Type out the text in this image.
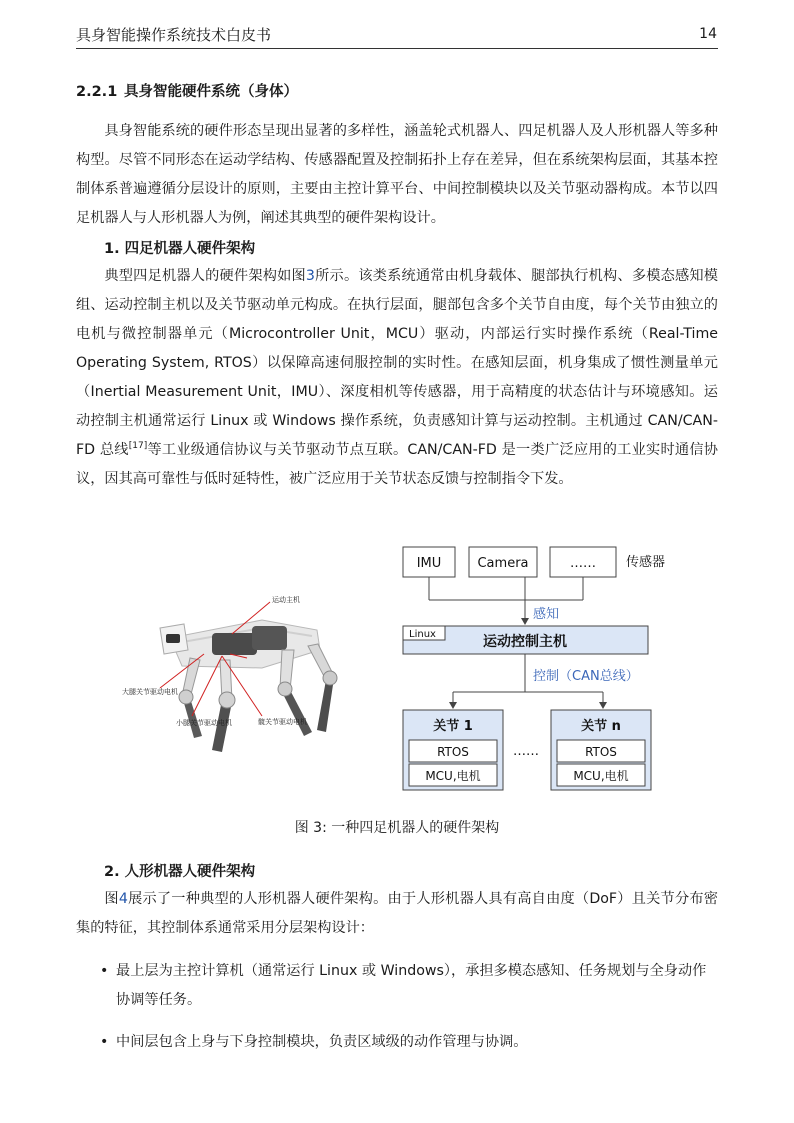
具身智能操作系统技术白皮书	14
2.2.1 具身智能硬件系统（身体）
具身智能系统的硬件形态呈现出显著的多样性，涵盖轮式机器人、四足机器人及人形机器人等多种构型。尽管不同形态在运动学结构、传感器配置及控制拓扑上存在差异，但在系统架构层面，其基本控制体系普遍遵循分层设计的原则，主要由主控计算平台、中间控制模块以及关节驱动器构成。本节以四足机器人与人形机器人为例，阐述其典型的硬件架构设计。
1. 四足机器人硬件架构
典型四足机器人的硬件架构如图3所示。该类系统通常由机身载体、腿部执行机构、多模态感知模组、运动控制主机以及关节驱动单元构成。在执行层面，腿部包含多个关节自由度，每个关节由独立的电机与微控制器单元（Microcontroller Unit，MCU）驱动，内部运行实时操作系统（Real-Time Operating System, RTOS）以保障高速伺服控制的实时性。在感知层面，机身集成了惯性测量单元（Inertial Measurement Unit，IMU）、深度相机等传感器，用于高精度的状态估计与环境感知。运动控制主机通常运行 Linux 或 Windows 操作系统，负责感知计算与运动控制。主机通过 CAN/CAN-FD 总线[17]等工业级通信协议与关节驱动节点互联。CAN/CAN-FD 是一类广泛应用的工业实时通信协议，因其高可靠性与低时延特性，被广泛应用于关节状态反馈与控制指令下发。
运动主机
大腿关节驱动电机
小腿关节驱动电机	髋关节驱动电机
IMU	Camera	…… 传感器
感知
Linux	运动控制主机
控制（CAN总线）
关节 1
RTOS
MCU,电机
……
关节 n
RTOS
MCU,电机
图 3: 一种四足机器人的硬件架构
2. 人形机器人硬件架构
图4展示了一种典型的人形机器人硬件架构。由于人形机器人具有高自由度（DoF）且关节分布密集的特征，其控制体系通常采用分层架构设计：
• 最上层为主控计算机（通常运行 Linux 或 Windows），承担多模态感知、任务规划与全身动作协调等任务。
• 中间层包含上身与下身控制模块，负责区域级的动作管理与协调。
